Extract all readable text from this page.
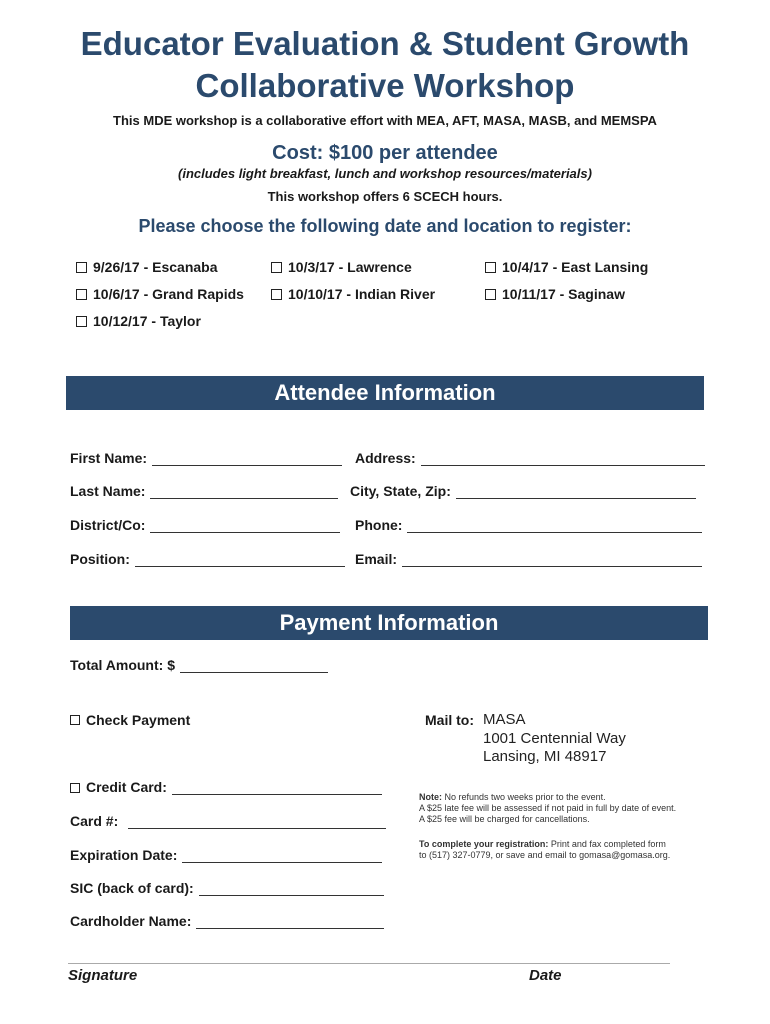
Educator Evaluation & Student Growth
Collaborative Workshop
This MDE workshop is a collaborative effort with MEA, AFT, MASA, MASB, and MEMSPA
Cost: $100 per attendee
(includes light breakfast, lunch and workshop resources/materials)
This workshop offers 6 SCECH hours.
Please choose the following date and location to register:
9/26/17 - Escanaba	10/3/17 - Lawrence	10/4/17 - East Lansing
10/6/17 - Grand Rapids	10/10/17 - Indian River	10/11/17 - Saginaw
10/12/17 - Taylor
Attendee Information
First Name:	Address:
Last Name:	City, State, Zip:
District/Co:	Phone:
Position:	Email:
Payment Information
Total Amount: $
Check Payment
Credit Card:
Card #:
Expiration Date:
SIC (back of card):
Cardholder Name:
Mail to: MASA
1001 Centennial Way
Lansing, MI 48917
Note: No refunds two weeks prior to the event.
A $25 late fee will be assessed if not paid in full by date of event.
A $25 fee will be charged for cancellations.
To complete your registration: Print and fax completed form
to (517) 327-0779, or save and email to gomasa@gomasa.org.
Signature	Date
